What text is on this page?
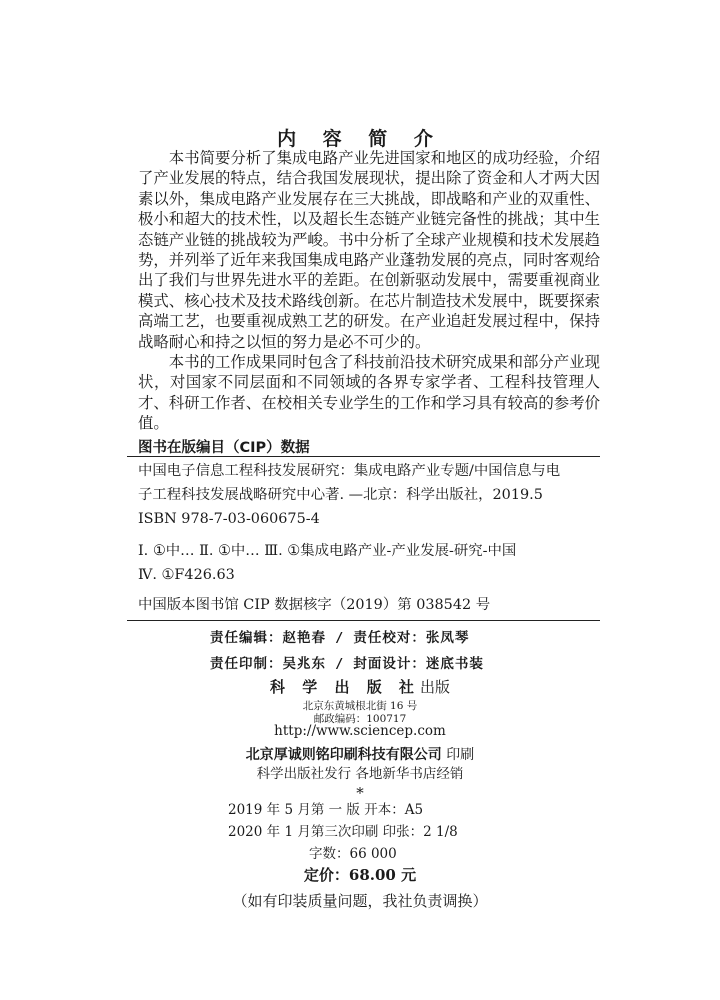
内 容 简 介

本书简要分析了集成电路产业先进国家和地区的成功经验，介绍了产业发展的特点，结合我国发展现状，提出除了资金和人才两大因素以外，集成电路产业发展存在三大挑战，即战略和产业的双重性、极小和超大的技术性，以及超长生态链产业链完备性的挑战；其中生态链产业链的挑战较为严峻。书中分析了全球产业规模和技术发展趋势，并列举了近年来我国集成电路产业蓬勃发展的亮点，同时客观给出了我们与世界先进水平的差距。在创新驱动发展中，需要重视商业模式、核心技术及技术路线创新。在芯片制造技术发展中，既要探索高端工艺，也要重视成熟工艺的研发。在产业追赶发展过程中，保持战略耐心和持之以恒的努力是必不可少的。

本书的工作成果同时包含了科技前沿技术研究成果和部分产业现状，对国家不同层面和不同领域的各界专家学者、工程科技管理人才、科研工作者、在校相关专业学生的工作和学习具有较高的参考价值。

图书在版编目（CIP）数据
中国电子信息工程科技发展研究：集成电路产业专题/中国信息与电
子工程科技发展战略研究中心著. —北京：科学出版社，2019.5
ISBN 978-7-03-060675-4
Ⅰ. ①中… Ⅱ. ①中… Ⅲ. ①集成电路产业-产业发展-研究-中国
Ⅳ. ①F426.63
中国版本图书馆 CIP 数据核字（2019）第 038542 号
责任编辑：赵艳春 / 责任校对：张凤琴
责任印制：吴兆东 / 封面设计：迷底书装
科 学 出 版 社出版
北京东黄城根北街 16 号
邮政编码：100717
http://www.sciencep.com
北京厚诚则铭印刷科技有限公司 印刷
科学出版社发行 各地新华书店经销
*
2019 年 5 月第 一 版 开本：A5
2020 年 1 月第三次印刷 印张：2 1/8
字数：66 000
定价：68.00 元
（如有印装质量问题，我社负责调换）
